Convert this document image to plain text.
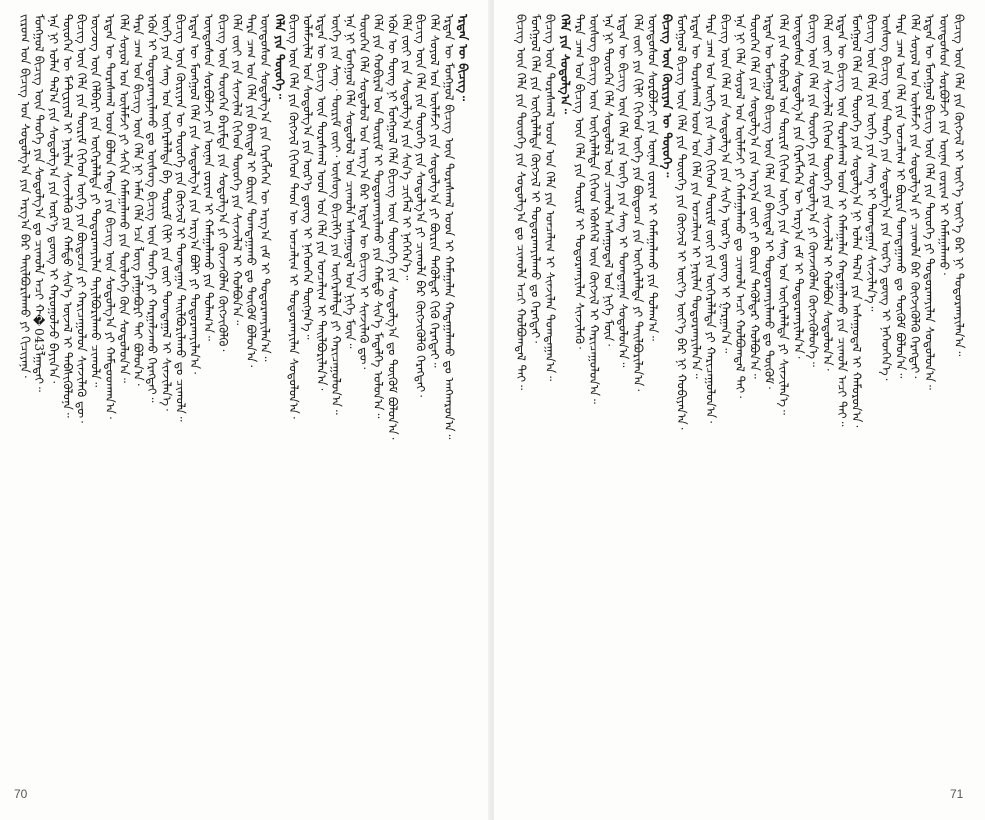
ᠵᠢᠷᠤᠭ ᠤᠨ ᠪᠢᠴᠢᠭ᠌ ᠤᠨ ᠰᠤᠳᠤᠯᠭ᠎ᠠ ᠶᠢᠨ ᠠᠷᠭ᠎ᠠ ᠪᠠᠷ ᠲᠠᠢᠯᠪᠤᠷᠢᠯᠠᠬᠤ ᠶᠢ ᠬᠢᠴᠢᠶᠡᠨᠡ᠂ ᠮᠣᠩᠭᠣᠯ ᠪᠢᠴᠢᠭ᠌ ᠦᠨ ᠲᠡᠦᠬᠡ ᠶᠢᠨ ᠰᠤᠳᠤᠯᠭ᠎ᠠ ᠳᠤ ᠴᠢᠬᠤᠯᠠ ᠠᠴᠢ ᠬ�043ᠯᠭᠠᠳᠠᠢ᠃ ᠡᠨᠡ ᠨᠢ ᠣᠯᠠᠨ ᠲᠠᠯ᠎ᠠ ᠶᠢᠨ ᠰᠤᠳᠤᠯᠭ᠎ᠠ ᠶᠢᠨ ᠦᠷ᠎ᠡ ᠳ᠋ᠦᠩ ᠢ ᠬᠠᠷᠤᠭᠤᠯᠵᠤ ᠪᠠᠶᠢᠨ᠎ᠠ᠂ ᠲᠦᠦᠬᠡᠨ ᠦ ᠮᠠᠲ᠋ᠧᠷᠢᠶᠠᠯ ᠢ ᠨᠠᠷᠢᠯᠠᠨ ᠰᠢᠨᠵᠢᠯᠡᠬᠦ ᠶᠢᠨ ᠬᠠᠮᠲᠤ ᠰᠢᠨ᠎ᠡ ᠦᠵᠡᠯ ᠢ ᠳᠡᠪᠰᠢᠭᠦᠯᠦᠨᠡ᠃ ᠪᠢᠴᠢᠭ᠌ ᠦᠨ ᠬᠡᠯᠡ ᠶᠢᠨ ᠳᠦᠷᠢᠮ ᠬᠢᠭᠡᠳ ᠦᠭᠡ ᠶᠢᠨ ᠪᠦᠲᠦᠴᠡ ᠶᠢ ᠬᠠᠷᠢᠴᠠᠭᠤᠯᠤᠨ ᠰᠢᠨᠵᠢᠯᠡᠬᠦ ᠳᠦ᠂ ᠦᠵᠦᠭ ᠦᠨ ᠬᠡᠯᠪᠡᠷᠢ ᠶᠢᠨ ᠥᠭᠡᠷᠡᠯᠡᠯᠲᠡ ᠶᠢ ᠲᠣᠳᠣᠷᠬᠠᠶᠢᠯᠠᠨ ᠲᠠᠶᠢᠯᠪᠤᠷᠢᠯᠠᠬᠤ ᠴᠢᠬᠤᠯᠠ᠃ ᠡᠷᠲᠡᠨ ᠦ ᠳᠤᠷᠠᠰᠬᠠᠯ ᠤᠳ ᠪᠣᠯᠣᠨ ᠬᠠᠳᠠ ᠶᠢᠨ ᠪᠢᠴᠢᠭ᠌ ᠦᠨ ᠰᠤᠳᠤᠯᠭ᠎ᠠ ᠶᠢ ᠬᠠᠮᠲᠤᠳᠬᠠᠨ᠎ᠠ᠂ ᠬᠡᠯᠡ ᠰᠣᠶᠣᠯ ᠤᠨ ᠦᠯᠡᠮᠵᠢ ᠶᠢ ᠰᠠᠬᠢᠨ ᠬᠠᠮᠠᠭᠠᠯᠠᠬᠤ ᠶᠢᠨ ᠲᠥᠯᠦᠭᠡ ᠭᠦᠨ ᠰᠤᠳᠤᠯᠤᠨ᠎ᠠ᠃ ᠲᠡᠷᠡ ᠴᠠᠭ ᠤᠨ ᠪᠢᠴᠢᠭ᠌ ᠦᠨ ᠬᠡᠯᠡ ᠨᠢ ᠠᠮᠠᠨ ᠬᠡᠯᠡ ᠡᠴᠡ ᠯᠦᠭ ᠶᠠᠯᠭᠠᠪᠤᠷᠢ ᠲᠠᠢ ᠪᠣᠯᠤᠨ᠎ᠠ᠂ ᠡᠭᠦᠨ ᠢ ᠲᠣᠳᠣᠷᠬᠠᠶᠢᠯᠠᠬᠤ ᠳᠤ ᠦᠰᠦᠭ ᠪᠢᠴᠢᠭ᠌ ᠦᠨ ᠲᠡᠦᠬᠡ ᠶᠢ ᠬᠠᠷᠭᠠᠯᠵᠠᠬᠤ ᠬᠡᠷᠡᠭᠲᠡᠢ᠃ ᠦᠭᠡ ᠶᠢᠨ ᠰᠠᠩ ᠤᠨ ᠥᠭᠡᠷᠡᠯᠡᠯᠲᠡ ᠪᠠ ᠳᠦᠷᠢᠮ ᠬᠢᠯᠢ ᠶᠢᠨ ᠵᠦᠢ ᠲᠣᠭᠲᠠᠭᠠᠯ ᠢ ᠰᠢᠨᠵᠢᠯᠡᠨ᠎ᠡ᠂ ᠪᠢᠴᠢᠭ᠌ ᠦᠨ ᠬᠦᠷᠢᠶᠡᠨ ᠦ ᠲᠦᠦᠬᠡ ᠶᠢᠨ ᠬᠥᠭᠵᠢᠯ ᠢ ᠲᠣᠭᠲᠠᠭᠠᠨ ᠲᠠᠢᠯᠪᠤᠷᠢᠯᠠᠬᠤ ᠳᠤ ᠴᠢᠬᠤᠯᠠ᠃ ᠡᠷᠲᠡᠨ ᠦ ᠮᠣᠩᠭᠣᠯ ᠬᠡᠯᠡ ᠶᠢᠨ ᠰᠤᠳᠤᠯᠭ᠎ᠠ ᠶᠢᠨ ᠠᠷᠭ᠎ᠠ ᠪᠤᠯᠢ ᠶᠢ ᠲᠣᠳᠣᠷᠬᠠᠶᠢᠯᠠᠨ᠎ᠠ᠂ ᠦᠨᠳᠦᠰᠦᠨ ᠰᠤᠷᠪᠤᠯᠵᠢ ᠶᠢᠨ ᠦᠨᠡᠨ ᠵᠣᠷᠢᠭ ᠢ ᠬᠠᠮᠠᠭᠠᠯᠠᠬᠤ ᠶᠢᠨ ᠲᠤᠯᠠᠭ᠎ᠠ᠃ ᠪᠢᠴᠢᠭ᠌ ᠦᠨ ᠲᠦᠦᠬᠡᠨ ᠪᠠᠷᠢᠮᠲᠠ ᠶᠢᠨ ᠰᠤᠳᠤᠯᠭ᠎ᠠ ᠶᠢ ᠭᠦᠨᠵᠡᠭᠦᠯᠡᠨ ᠬᠦᠭᠵᠢᠭᠦᠯᠬᠦ᠂ ᠬᠡᠯᠡ ᠵᠦᠢ ᠶᠢᠨ ᠰᠢᠨᠵᠢᠯᠡᠯ ᠬᠢᠭᠡᠳ ᠲᠦᠦᠬᠡ ᠶᠢᠨ ᠰᠢᠨᠵᠢᠯᠡᠯ ᠢ ᠬᠣᠯᠪᠣᠨ᠎ᠠ᠃ ᠲᠡᠷᠡ ᠴᠠᠭ ᠤᠨ ᠬᠡᠯᠡ ᠶᠢᠨ ᠪᠠᠢᠳᠠᠯ ᠢ ᠪᠦᠷᠢᠨ ᠲᠣᠭᠲᠠᠭᠠᠬᠤ ᠳᠤ ᠳᠥᠭᠦᠮ ᠪᠣᠯᠤᠨ᠎ᠠ᠂ ᠦᠨᠳᠦᠰᠦᠨ ᠰᠤᠳᠤᠯᠭ᠎ᠠ ᠶᠢᠨ ᠬᠡᠷᠡᠭᠯᠡᠭᠡᠨ ᠦ ᠠᠷᠭ᠎ᠠ ᠵᠠᠮ ᠢ ᠲᠣᠳᠣᠷᠬᠠᠶᠢᠯᠠᠨ᠎ᠠ᠃ ᠬᠡᠯᠡ ᠶᠢᠨ ᠲᠦᠦᠬᠡ᠃ ᠪᠢᠴᠢᠭ᠌ ᠦᠨ ᠬᠡᠯᠡ ᠶᠢᠨ ᠬᠦᠭᠵᠢᠯ ᠬᠢᠭᠡᠳ ᠲᠡᠦᠨ ᠦ ᠣᠨᠴᠠᠯᠢᠭ ᠢ ᠲᠣᠳᠣᠷᠬᠠᠶᠢᠯᠠᠨ ᠰᠤᠳᠤᠯᠤᠨ᠎ᠠ᠂ ᠤᠯᠠᠮᠵᠢᠯᠠᠯ ᠤᠨ ᠰᠤᠳᠤᠯᠭ᠎ᠠ ᠶᠢᠨ ᠦᠷ᠎ᠡ ᠳ᠋ᠦᠩ ᠢ ᠨᠡᠭᠡᠳᠭᠡᠨ ᠳᠦᠭᠨᠡᠨ᠎ᠡ᠃ ᠡᠷᠲᠡᠨ ᠦ ᠪᠢᠴᠢᠭ᠌ ᠦᠨ ᠳᠤᠷᠠᠰᠬᠠᠯ ᠤᠳ ᠤᠨ ᠬᠡᠯᠡ ᠶᠢᠨ ᠣᠨᠴᠠᠯᠢᠭ ᠢ ᠲᠠᠢᠯᠪᠤᠷᠢᠯᠠᠨ᠎ᠠ᠂ ᠦᠭᠡ ᠶᠢᠨ ᠰᠠᠩ᠂ ᠳᠦᠷᠢᠮ ᠵᠦᠢ᠂ ᠦᠰᠦᠭ ᠪᠢᠴᠢᠯᠭᠡ ᠶᠢᠨ ᠥᠭᠡᠷᠡᠯᠡᠯᠲᠡ ᠶᠢ ᠬᠠᠷᠢᠴᠠᠭᠤᠯᠤᠨ᠎ᠠ᠃ ᠡᠨᠡ ᠨᠢ ᠮᠣᠩᠭᠣᠯ ᠬᠡᠯᠡ ᠰᠤᠳᠤᠯᠤᠯ ᠤᠨ ᠴᠢᠬᠤᠯᠠ ᠠᠰᠠᠭᠤᠳᠠᠯ ᠤᠨ ᠨᠢᠭᠡ ᠮᠥᠨ᠃ ᠲᠦᠦᠬᠡᠨ ᠬᠡᠯᠡ ᠰᠤᠳᠤᠯᠤᠯ ᠤᠨ ᠠᠷᠭ᠎ᠠ ᠪᠠᠷ ᠡᠷᠲᠡᠨ ᠦ ᠪᠢᠴᠢᠭ᠌ ᠢ ᠰᠢᠨᠵᠢᠯᠡᠬᠦ ᠳᠦ᠂ ᠬᠡᠯᠡ ᠶᠢᠨ ᠬᠤᠪᠢᠷᠠᠯ ᠤᠨ ᠳᠦᠷᠢᠮ ᠢ ᠲᠣᠳᠣᠷᠬᠠᠶᠢᠯᠠᠬᠤ ᠶᠢᠨ ᠬᠠᠮᠲᠤ ᠰᠢᠨ᠎ᠡ ᠮᠡᠳᠡᠯᠭᠡ ᠣᠯᠤᠨ᠎ᠠ᠃ ᠡᠭᠦᠨ ᠦ ᠳᠦᠩ ᠨᠢ ᠮᠣᠩᠭᠣᠯ ᠬᠡᠯᠡ ᠪᠢᠴᠢᠭ᠌ ᠦᠨ ᠲᠦᠦᠬᠡ ᠶᠢᠨ ᠰᠤᠳᠤᠯᠭ᠎ᠠ ᠳᠤ ᠳᠥᠭᠦᠮ ᠪᠣᠯᠤᠨ᠎ᠠ᠂ ᠬᠡᠯᠡ ᠵᠦᠢ ᠶᠢᠨ ᠰᠤᠳᠤᠯᠭ᠎ᠠ ᠶᠢᠨ ᠰᠢᠨ᠎ᠡ ᠴᠢᠭᠯᠡᠯ ᠢ ᠨᠡᠭᠡᠭᠡᠨ᠎ᠡ᠃ ᠪᠢᠴᠢᠭ᠌ ᠦᠨ ᠬᠡᠯᠡ ᠶᠢᠨ ᠲᠦᠦᠬᠡ ᠶᠢᠨ ᠰᠤᠳᠤᠯᠭ᠎ᠠ ᠶᠢ ᠴᠢᠬᠤᠯᠠ ᠪᠠᠷ ᠬᠥᠭᠵᠢᠭᠦᠯᠬᠦ ᠬᠡᠷᠡᠭᠲᠡᠢ᠂ ᠬᠡᠯᠡ ᠰᠣᠶᠣᠯ ᠤᠨ ᠦᠯᠡᠮᠵᠢ ᠶᠢᠨ ᠰᠤᠳᠤᠯᠭ᠎ᠠ ᠶᠢ ᠪᠦᠷᠢᠨ ᠲᠡᠭᠦᠯᠳᠡᠷ ᠬᠢᠬᠦ ᠬᠡᠷᠡᠭᠲᠡᠢ᠃ ᠡᠷᠲᠡᠨ ᠦ ᠮᠣᠩᠭᠣᠯ ᠪᠢᠴᠢᠭ᠌ ᠦᠨ ᠳᠤᠷᠠᠰᠬᠠᠯ ᠤᠳ ᠢ ᠬᠠᠮᠠᠭᠠᠯᠠᠨ ᠬᠠᠳᠠᠭᠠᠯᠠᠬᠤ ᠳᠤ ᠠᠩᠬᠠᠷᠤᠨ᠎ᠠ᠃ ᠡᠷᠲᠡᠨ ᠦ ᠪᠢᠴᠢᠭ᠌᠃
70
ᠪᠢᠴᠢᠭ᠌ ᠦᠨ ᠬᠡᠯᠡ ᠶᠢᠨ ᠲᠦᠦᠬᠡ ᠶᠢᠨ ᠰᠤᠳᠤᠯᠭ᠎ᠠ ᠳᠤ ᠴᠢᠬᠤᠯᠠ ᠠᠴᠢ ᠬᠣᠯᠪᠣᠭᠳᠠᠯ ᠲᠠᠢ᠃ ᠮᠣᠩᠭᠣᠯ ᠬᠡᠯᠡ ᠶᠢᠨ ᠥᠭᠡᠷᠡᠯᠡᠯᠲᠡ ᠬᠥᠭᠵᠢᠯ ᠢ ᠲᠣᠳᠣᠷᠬᠠᠶᠢᠯᠠᠬᠤ ᠳᠤ ᠬᠡᠷᠡᠭᠲᠡᠢ᠂ ᠪᠢᠴᠢᠭ᠌ ᠦᠨ ᠳᠤᠷᠠᠰᠬᠠᠯ ᠤᠳ ᠤᠨ ᠬᠡᠯᠡ ᠶᠢᠨ ᠣᠨᠴᠠᠯᠢᠭ ᠢ ᠰᠢᠨᠵᠢᠯᠡᠨ ᠲᠣᠭᠲᠠᠭᠠᠨ᠎ᠠ᠃ ᠬᠡᠯᠡ ᠶᠢᠨ ᠰᠤᠳᠤᠯᠭ᠎ᠠ᠃ ᠲᠡᠷᠡ ᠴᠠᠭ ᠤᠨ ᠪᠢᠴᠢᠭ᠌ ᠦᠨ ᠬᠡᠯᠡ ᠶᠢᠨ ᠳᠦᠷᠢᠮ ᠢ ᠲᠣᠳᠣᠷᠬᠠᠶᠢᠯᠠᠨ ᠰᠢᠨᠵᠢᠯᠡᠬᠦ᠂ ᠦᠰᠦᠭ ᠪᠢᠴᠢᠭ᠌ ᠦᠨ ᠥᠭᠡᠷᠡᠯᠡᠯᠲᠡ ᠬᠢᠭᠡᠳ ᠡᠭᠦᠰᠬᠡᠯ ᠦᠨ ᠬᠥᠭᠵᠢᠯ ᠢ ᠬᠠᠷᠢᠴᠠᠭᠤᠯᠤᠨ᠎ᠠ᠃ ᠡᠨᠡ ᠨᠢ ᠲᠦᠦᠬᠡᠨ ᠬᠡᠯᠡ ᠰᠤᠳᠤᠯᠤᠯ ᠤᠨ ᠴᠢᠬᠤᠯᠠ ᠠᠰᠠᠭᠤᠳᠠᠯ ᠤᠨ ᠨᠢᠭᠡ ᠮᠥᠨ᠂ ᠡᠷᠲᠡᠨ ᠦ ᠪᠢᠴᠢᠭ᠌ ᠦᠨ ᠬᠡᠯᠡ ᠶᠢᠨ ᠦᠭᠡ ᠶᠢᠨ ᠰᠠᠩ ᠢ ᠲᠣᠭᠲᠠᠭᠠᠨ ᠰᠤᠳᠤᠯᠤᠨ᠎ᠠ᠃ ᠬᠡᠯᠡ ᠵᠦᠢ ᠶᠢᠨ ᠬᠢᠯᠢ ᠬᠢᠭᠡᠳ ᠦᠭᠡ ᠶᠢᠨ ᠪᠦᠲᠦᠴᠡ ᠶᠢᠨ ᠥᠭᠡᠷᠡᠯᠡᠯᠲᠡ ᠶᠢ ᠲᠠᠢᠯᠪᠤᠷᠢᠯᠠᠨ᠎ᠠ᠂ ᠦᠨᠳᠦᠰᠦᠨ ᠰᠤᠷᠪᠤᠯᠵᠢ ᠶᠢᠨ ᠦᠨᠡᠨ ᠵᠣᠷᠢᠭ ᠢ ᠬᠠᠮᠠᠭᠠᠯᠠᠬᠤ ᠶᠢᠨ ᠲᠤᠯᠠᠭ᠎ᠠ᠃ ᠪᠢᠴᠢᠭ᠌ ᠦᠨ ᠬᠦᠷᠢᠶᠡᠨ ᠦ ᠲᠦᠦᠬᠡ᠃ ᠮᠣᠩᠭᠣᠯ ᠪᠢᠴᠢᠭ᠌ ᠦᠨ ᠬᠡᠯᠡ ᠶᠢᠨ ᠲᠦᠦᠬᠡ ᠶᠢᠨ ᠬᠥᠭᠵᠢᠯ ᠢ ᠦᠶ᠎ᠡ ᠦᠶ᠎ᠡ ᠪᠡᠷ ᠨᠢ ᠬᠤᠪᠢᠶᠠᠨ᠎ᠠ᠂ ᠡᠷᠲᠡᠨ ᠦ ᠳᠤᠷᠠᠰᠬᠠᠯ ᠤᠳ ᠤᠨ ᠬᠡᠯᠡ ᠶᠢᠨ ᠣᠨᠴᠠᠯᠢᠭ ᠢ ᠨᠠᠷᠢᠯᠠᠨ ᠲᠣᠳᠣᠷᠬᠠᠶᠢᠯᠠᠨ᠎ᠠ᠃ ᠲᠡᠷᠡ ᠴᠠᠭ ᠤᠨ ᠦᠭᠡ ᠶᠢᠨ ᠰᠠᠩ ᠬᠢᠭᠡᠳ ᠳᠦᠷᠢᠮ ᠵᠦᠢ ᠶᠢᠨ ᠥᠭᠡᠷᠡᠯᠡᠯᠲᠡ ᠶᠢ ᠬᠠᠷᠢᠴᠠᠭᠤᠯᠤᠨ᠎ᠠ᠂ ᠪᠢᠴᠢᠭ᠌ ᠦᠨ ᠬᠡᠯᠡ ᠶᠢᠨ ᠰᠤᠳᠤᠯᠭ᠎ᠠ ᠶᠢᠨ ᠰᠢᠨ᠎ᠡ ᠦᠷ᠎ᠡ ᠳ᠋ᠦᠩ ᠢ ᠭᠠᠷᠭᠠᠨ᠎ᠠ᠃ ᠡᠨᠡ ᠨᠢ ᠬᠡᠯᠡ ᠰᠣᠶᠣᠯ ᠤᠨ ᠦᠯᠡᠮᠵᠢ ᠶᠢ ᠬᠠᠮᠠᠭᠠᠯᠠᠬᠤ ᠳᠤ ᠴᠢᠬᠤᠯᠠ ᠠᠴᠢ ᠬᠣᠯᠪᠣᠭᠳᠠᠯ ᠲᠠᠢ᠂ ᠲᠦᠦᠬᠡᠨ ᠬᠡᠯᠡ ᠶᠢᠨ ᠰᠤᠳᠤᠯᠭ᠎ᠠ ᠶᠢᠨ ᠠᠷᠭ᠎ᠠ ᠵᠦᠢ ᠶᠢ ᠪᠦᠷᠢᠨ ᠲᠡᠭᠦᠯᠳᠡᠷ ᠬᠣᠯᠪᠣᠨ᠎ᠠ᠃ ᠡᠷᠲᠡᠨ ᠦ ᠮᠣᠩᠭᠣᠯ ᠪᠢᠴᠢᠭ᠌ ᠦᠨ ᠬᠡᠯᠡ ᠶᠢᠨ ᠪᠠᠢᠳᠠᠯ ᠢ ᠲᠣᠳᠣᠷᠬᠠᠶᠢᠯᠠᠬᠤ ᠳᠤ ᠳᠥᠭᠦᠮ᠂ ᠬᠡᠯᠡ ᠶᠢᠨ ᠬᠤᠪᠢᠷᠠᠯ ᠤᠨ ᠳᠦᠷᠢᠮ ᠬᠢᠭᠡᠳ ᠦᠭᠡ ᠶᠢᠨ ᠰᠠᠩ ᠤᠨ ᠥᠭᠡᠷᠡᠯᠡᠯᠲᠡ ᠶᠢ ᠰᠢᠨᠵᠢᠯᠡᠨ᠎ᠡ᠃ ᠦᠨᠳᠦᠰᠦᠨ ᠰᠤᠳᠤᠯᠭ᠎ᠠ ᠶᠢᠨ ᠬᠡᠷᠡᠭᠯᠡᠭᠡᠨ ᠦ ᠠᠷᠭ᠎ᠠ ᠵᠠᠮ ᠢ ᠲᠣᠳᠣᠷᠬᠠᠶᠢᠯᠠᠨ᠎ᠠ᠂ ᠪᠢᠴᠢᠭ᠌ ᠦᠨ ᠬᠡᠯᠡ ᠶᠢᠨ ᠲᠦᠦᠬᠡ ᠶᠢᠨ ᠰᠤᠳᠤᠯᠭ᠎ᠠ ᠶᠢ ᠭᠦᠨᠵᠡᠭᠦᠯᠡᠨ ᠬᠥᠭᠵᠢᠭᠦᠯᠦᠨ᠎ᠡ᠃ ᠬᠡᠯᠡ ᠵᠦᠢ ᠶᠢᠨ ᠰᠢᠨᠵᠢᠯᠡᠯ ᠬᠢᠭᠡᠳ ᠲᠦᠦᠬᠡ ᠶᠢᠨ ᠰᠢᠨᠵᠢᠯᠡᠯ ᠢ ᠬᠣᠯᠪᠣᠨ ᠰᠤᠳᠤᠯᠤᠨ᠎ᠠ᠂ ᠡᠷᠲᠡᠨ ᠦ ᠪᠢᠴᠢᠭ᠌ ᠦᠨ ᠳᠤᠷᠠᠰᠬᠠᠯ ᠤᠳ ᠢ ᠬᠠᠮᠠᠭᠠᠯᠠᠨ ᠬᠠᠳᠠᠭᠠᠯᠠᠬᠤ ᠶᠢᠨ ᠴᠢᠬᠤᠯᠠ ᠠᠴᠢ ᠲᠠᠢ᠃ ᠮᠣᠩᠭᠣᠯ ᠬᠡᠯᠡ ᠶᠢᠨ ᠲᠦᠦᠬᠡ ᠶᠢᠨ ᠰᠤᠳᠤᠯᠭ᠎ᠠ ᠨᠢ ᠣᠯᠠᠨ ᠲᠠᠯ᠎ᠠ ᠶᠢᠨ ᠠᠰᠠᠭᠤᠳᠠᠯ ᠢ ᠬᠠᠮᠤᠷᠤᠨ᠎ᠠ᠂ ᠪᠢᠴᠢᠭ᠌ ᠦᠨ ᠬᠡᠯᠡ ᠶᠢᠨ ᠦᠭᠡ ᠶᠢᠨ ᠰᠠᠩ ᠢ ᠲᠣᠭᠲᠠᠭᠠᠨ ᠰᠢᠨᠵᠢᠯᠡᠨ᠎ᠡ᠃ ᠦᠰᠦᠭ ᠪᠢᠴᠢᠭ᠌ ᠦᠨ ᠲᠡᠦᠬᠡ ᠶᠢᠨ ᠰᠤᠳᠤᠯᠭ᠎ᠠ ᠶᠢᠨ ᠦᠷ᠎ᠡ ᠳ᠋ᠦᠩ ᠢ ᠨᠡᠭᠡᠳᠭᠡᠨ᠎ᠡ᠂ ᠲᠡᠷᠡ ᠴᠠᠭ ᠤᠨ ᠬᠡᠯᠡ ᠶᠢᠨ ᠣᠨᠴᠠᠯᠢᠭ ᠢ ᠪᠦᠷᠢᠨ ᠲᠣᠭᠲᠠᠭᠠᠬᠤ ᠳᠤ ᠳᠥᠭᠦᠮ ᠪᠣᠯᠤᠨ᠎ᠠ᠃ ᠬᠡᠯᠡ ᠰᠣᠶᠣᠯ ᠤᠨ ᠦᠯᠡᠮᠵᠢ ᠶᠢᠨ ᠰᠤᠳᠤᠯᠭ᠎ᠠ ᠶᠢ ᠴᠢᠬᠤᠯᠠ ᠪᠠᠷ ᠬᠥᠭᠵᠢᠭᠦᠯᠬᠦ ᠬᠡᠷᠡᠭᠲᠡᠢ᠂ ᠡᠷᠲᠡᠨ ᠦ ᠮᠣᠩᠭᠣᠯ ᠪᠢᠴᠢᠭ᠌ ᠦᠨ ᠬᠡᠯᠡ ᠶᠢᠨ ᠲᠦᠦᠬᠡ ᠶᠢ ᠲᠣᠳᠣᠷᠬᠠᠶᠢᠯᠠᠨ ᠰᠤᠳᠤᠯᠤᠨ᠎ᠠ᠃ ᠦᠨᠳᠦᠰᠦᠨ ᠰᠤᠷᠪᠤᠯᠵᠢ ᠶᠢᠨ ᠦᠨᠡᠨ ᠵᠣᠷᠢᠭ ᠢ ᠬᠠᠮᠠᠭᠠᠯᠠᠬᠤ᠂ ᠪᠢᠴᠢᠭ᠌ ᠦᠨ ᠬᠡᠯᠡ ᠶᠢᠨ ᠬᠥᠭᠵᠢᠯ ᠢ ᠦᠶ᠎ᠡ ᠦᠶ᠎ᠡ ᠪᠡᠷ ᠨᠢ ᠲᠣᠳᠣᠷᠬᠠᠶᠢᠯᠠᠨ᠎ᠠ᠃
71
